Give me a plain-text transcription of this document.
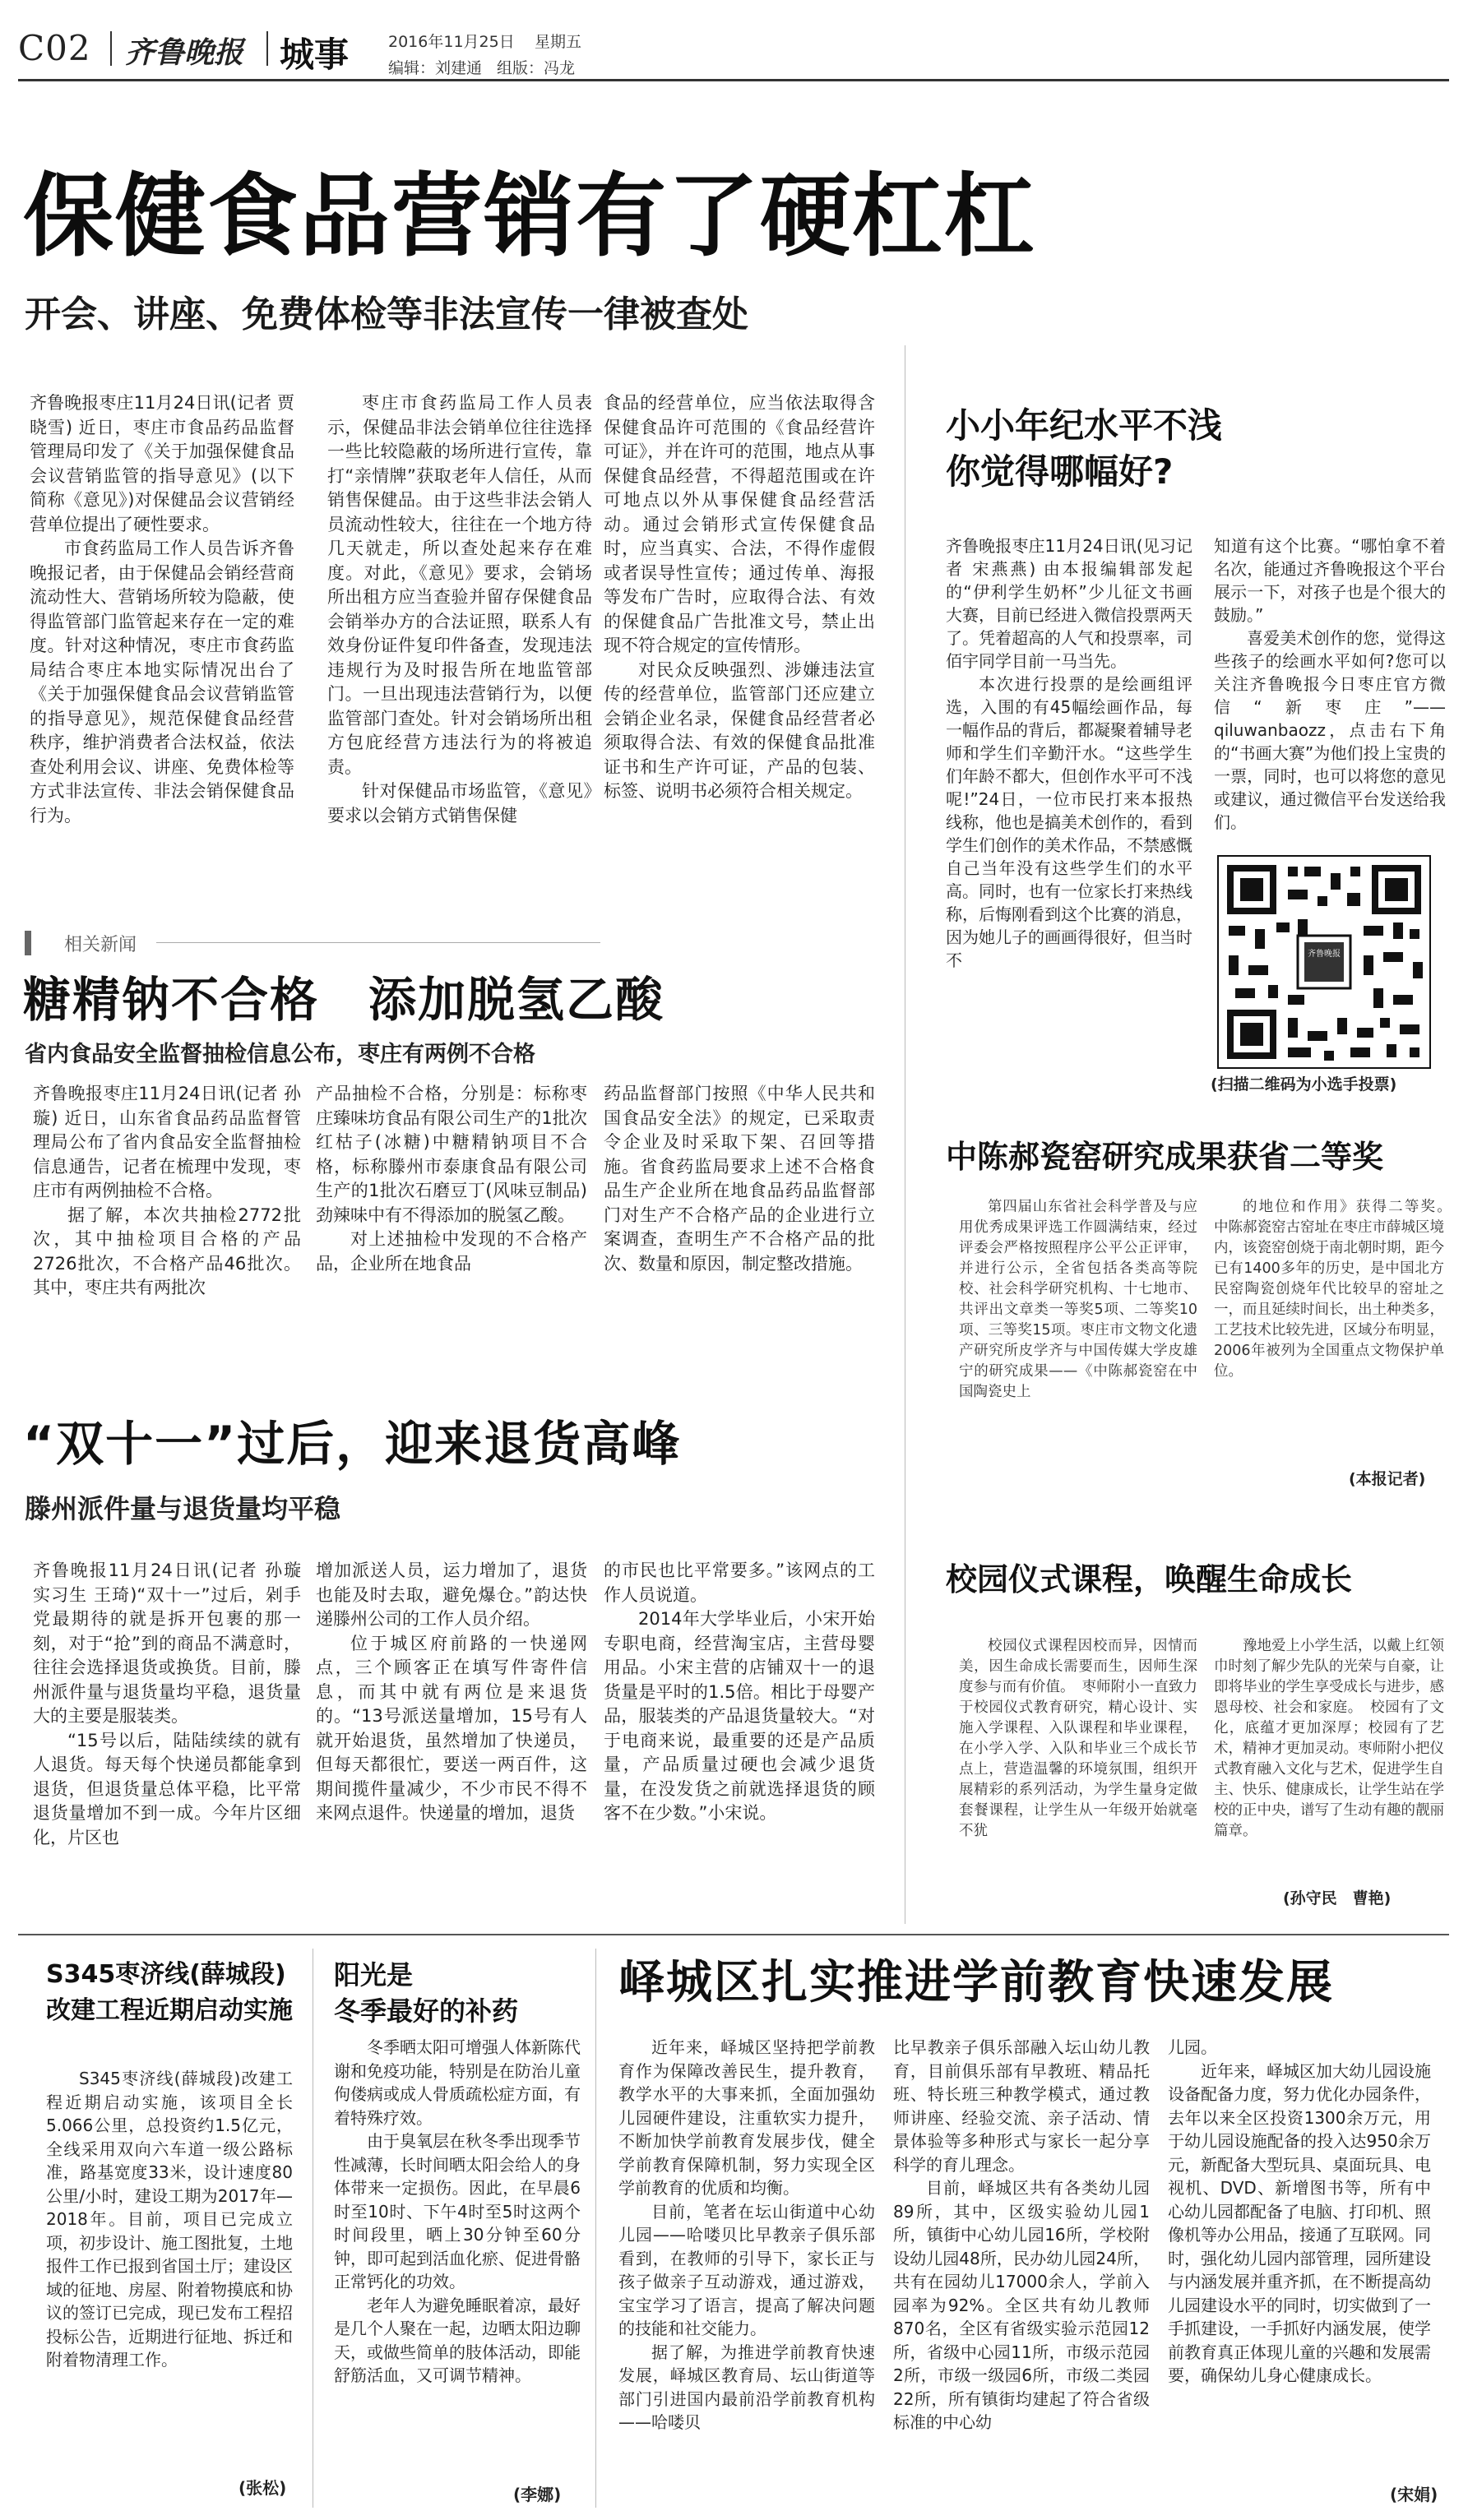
C02 齐鲁晚报 城事	2016年11月25日 星期五
编辑：刘建通 组版：冯龙
保健食品营销有了硬杠杠
开会、讲座、免费体检等非法宣传一律被查处

齐鲁晚报枣庄11月24日讯(记者 贾晓雪) 近日，枣庄市食品药品监督管理局印发了《关于加强保健食品会议营销监管的指导意见》(以下简称《意见》)对保健品会议营销经营单位提出了硬性要求。

市食药监局工作人员告诉齐鲁晚报记者，由于保健品会销经营商流动性大、营销场所较为隐蔽，使得监管部门监管起来存在一定的难度。针对这种情况，枣庄市食药监局结合枣庄本地实际情况出台了《关于加强保健食品会议营销监管的指导意见》，规范保健食品经营秩序，维护消费者合法权益，依法查处利用会议、讲座、免费体检等方式非法宣传、非法会销保健食品行为。

枣庄市食药监局工作人员表示，保健品非法会销单位往往选择一些比较隐蔽的场所进行宣传，靠打“亲情牌”获取老年人信任，从而销售保健品。由于这些非法会销人员流动性较大，往往在一个地方待几天就走，所以查处起来存在难度。对此，《意见》要求，会销场所出租方应当查验并留存保健食品会销举办方的合法证照，联系人有效身份证件复印件备查，发现违法违规行为及时报告所在地监管部门。一旦出现违法营销行为，以便监管部门查处。针对会销场所出租方包庇经营方违法行为的将被追责。

针对保健品市场监管，《意见》要求以会销方式销售保健

食品的经营单位，应当依法取得含保健食品许可范围的《食品经营许可证》，并在许可的范围，地点从事保健食品经营，不得超范围或在许可地点以外从事保健食品经营活动。通过会销形式宣传保健食品时，应当真实、合法，不得作虚假或者误导性宣传；通过传单、海报等发布广告时，应取得合法、有效的保健食品广告批准文号，禁止出现不符合规定的宣传情形。

对民众反映强烈、涉嫌违法宣传的经营单位，监管部门还应建立会销企业名录，保健食品经营者必须取得合法、有效的保健食品批准证书和生产许可证，产品的包装、标签、说明书必须符合相关规定。

相关新闻
糖精钠不合格　添加脱氢乙酸
省内食品安全监督抽检信息公布，枣庄有两例不合格

齐鲁晚报枣庄11月24日讯(记者 孙璇) 近日，山东省食品药品监督管理局公布了省内食品安全监督抽检信息通告，记者在梳理中发现，枣庄市有两例抽检不合格。

据了解，本次共抽检2772批次，其中抽检项目合格的产品2726批次，不合格产品46批次。其中，枣庄共有两批次

产品抽检不合格，分别是：标称枣庄臻味坊食品有限公司生产的1批次红枯子(冰糖)中糖精钠项目不合格，标称滕州市泰康食品有限公司生产的1批次石磨豆丁(风味豆制品)劲辣味中有不得添加的脱氢乙酸。

对上述抽检中发现的不合格产品，企业所在地食品

药品监督部门按照《中华人民共和国食品安全法》的规定，已采取责令企业及时采取下架、召回等措施。省食药监局要求上述不合格食品生产企业所在地食品药品监督部门对生产不合格产品的企业进行立案调查，查明生产不合格产品的批次、数量和原因，制定整改措施。

“双十一”过后，迎来退货高峰
滕州派件量与退货量均平稳

齐鲁晚报11月24日讯(记者 孙璇 实习生 王琦)“双十一”过后，剁手党最期待的就是拆开包裹的那一刻，对于“抢”到的商品不满意时，往往会选择退货或换货。目前，滕州派件量与退货量均平稳，退货量大的主要是服装类。

“15号以后，陆陆续续的就有人退货。每天每个快递员都能拿到退货，但退货量总体平稳，比平常退货量增加不到一成。今年片区细化，片区也

增加派送人员，运力增加了，退货也能及时去取，避免爆仓。”韵达快递滕州公司的工作人员介绍。

位于城区府前路的一快递网点，三个顾客正在填写件寄件信息，而其中就有两位是来退货的。“13号派送量增加，15号有人就开始退货，虽然增加了快递员，但每天都很忙，要送一两百件，这期间揽件量减少，不少市民不得不来网点退件。快递量的增加，退货

的市民也比平常要多。”该网点的工作人员说道。

2014年大学毕业后，小宋开始专职电商，经营淘宝店，主营母婴用品。小宋主营的店铺双十一的退货量是平时的1.5倍。相比于母婴产品，服装类的产品退货量较大。“对于电商来说，最重要的还是产品质量，产品质量过硬也会减少退货量，在没发货之前就选择退货的顾客不在少数。”小宋说。

小小年纪水平不浅
你觉得哪幅好?

齐鲁晚报枣庄11月24日讯(见习记者 宋燕燕) 由本报编辑部发起的“伊利学生奶杯”少儿征文书画大赛，目前已经进入微信投票两天了。凭着超高的人气和投票率，司佰宇同学目前一马当先。

本次进行投票的是绘画组评选，入围的有45幅绘画作品，每一幅作品的背后，都凝聚着辅导老师和学生们辛勤汗水。“这些学生们年龄不都大，但创作水平可不浅呢!”24日，一位市民打来本报热线称，他也是搞美术创作的，看到学生们创作的美术作品，不禁感慨自己当年没有这些学生们的水平高。同时，也有一位家长打来热线称，后悔刚看到这个比赛的消息，因为她儿子的画画得很好，但当时不

知道有这个比赛。“哪怕拿不着名次，能通过齐鲁晚报这个平台展示一下，对孩子也是个很大的鼓励。”

喜爱美术创作的您，觉得这些孩子的绘画水平如何?您可以关注齐鲁晚报今日枣庄官方微信“新枣庄”——qiluwanbaozz，点击右下角的“书画大赛”为他们投上宝贵的一票，同时，也可以将您的意见或建议，通过微信平台发送给我们。

齐鲁晚报
(扫描二维码为小选手投票)
中陈郝瓷窑研究成果获省二等奖

第四届山东省社会科学普及与应用优秀成果评选工作圆满结束，经过评委会严格按照程序公平公正评审，并进行公示，全省包括各类高等院校、社会科学研究机构、十七地市、共评出文章类一等奖5项、二等奖10项、三等奖15项。枣庄市文物文化遗产研究所皮学齐与中国传媒大学皮雄宁的研究成果——《中陈郝瓷窑在中国陶瓷史上

的地位和作用》获得二等奖。　中陈郝瓷窑古窑址在枣庄市薛城区境内，该瓷窑创烧于南北朝时期，距今已有1400多年的历史，是中国北方民窑陶瓷创烧年代比较早的窑址之一，而且延续时间长，出土种类多，工艺技术比较先进，区域分布明显，2006年被列为全国重点文物保护单位。

(本报记者)
校园仪式课程，唤醒生命成长

校园仪式课程因校而异，因情而美，因生命成长需要而生，因师生深度参与而有价值。　枣师附小一直致力于校园仪式教育研究，精心设计、实施入学课程、入队课程和毕业课程，在小学入学、入队和毕业三个成长节点上，营造温馨的环境氛围，组织开展精彩的系列活动，为学生量身定做套餐课程，让学生从一年级开始就毫不犹

豫地爱上小学生活，以戴上红领巾时刻了解少先队的光荣与自豪，让即将毕业的学生享受成长与进步，感恩母校、社会和家庭。　校园有了文化，底蕴才更加深厚；校园有了艺术，精神才更加灵动。枣师附小把仪式教育融入文化与艺术，促进学生自主、快乐、健康成长，让学生站在学校的正中央，谱写了生动有趣的靓丽篇章。

(孙守民　曹艳)
S345枣济线(薛城段)
改建工程近期启动实施

S345枣济线(薛城段)改建工程近期启动实施，该项目全长5.066公里，总投资约1.5亿元，全线采用双向六车道一级公路标准，路基宽度33米，设计速度80公里/小时，建设工期为2017年—2018年。目前，项目已完成立项，初步设计、施工图批复，土地报件工作已报到省国土厅；建设区域的征地、房屋、附着物摸底和协议的签订已完成，现已发布工程招投标公告，近期进行征地、拆迁和附着物清理工作。

(张松)
阳光是
冬季最好的补药

冬季晒太阳可增强人体新陈代谢和免疫功能，特别是在防治儿童佝偻病或成人骨质疏松症方面，有着特殊疗效。

由于臭氧层在秋冬季出现季节性减薄，长时间晒太阳会给人的身体带来一定损伤。因此，在早晨6时至10时、下午4时至5时这两个时间段里，晒上30分钟至60分钟，即可起到活血化瘀、促进骨骼正常钙化的功效。

老年人为避免睡眠着凉，最好是几个人聚在一起，边晒太阳边聊天，或做些简单的肢体活动，即能舒筋活血，又可调节精神。

(李娜)
峄城区扎实推进学前教育快速发展

近年来，峄城区坚持把学前教育作为保障改善民生，提升教育，教学水平的大事来抓，全面加强幼儿园硬件建设，注重软实力提升，不断加快学前教育发展步伐，健全学前教育保障机制，努力实现全区学前教育的优质和均衡。

目前，笔者在坛山街道中心幼儿园——哈喽贝比早教亲子俱乐部看到，在教师的引导下，家长正与孩子做亲子互动游戏，通过游戏，宝宝学习了语言，提高了解决问题的技能和社交能力。

据了解，为推进学前教育快速发展，峄城区教育局、坛山街道等部门引进国内最前沿学前教育机构——哈喽贝

比早教亲子俱乐部融入坛山幼儿教育，目前俱乐部有早教班、精品托班、特长班三种教学模式，通过教师讲座、经验交流、亲子活动、情景体验等多种形式与家长一起分享科学的育儿理念。

目前，峄城区共有各类幼儿园89所，其中，区级实验幼儿园1所，镇街中心幼儿园16所，学校附设幼儿园48所，民办幼儿园24所，共有在园幼儿17000余人，学前入园率为92%。全区共有幼儿教师870名，全区有省级实验示范园12所，省级中心园11所，市级示范园2所，市级一级园6所，市级二类园22所，所有镇街均建起了符合省级标准的中心幼

儿园。

近年来，峄城区加大幼儿园设施设备配备力度，努力优化办园条件，去年以来全区投资1300余万元，用于幼儿园设施配备的投入达950余万元，新配备大型玩具、桌面玩具、电视机、DVD、新增图书等，所有中心幼儿园都配备了电脑、打印机、照像机等办公用品，接通了互联网。同时，强化幼儿园内部管理，园所建设与内涵发展并重齐抓，在不断提高幼儿园建设水平的同时，切实做到了一手抓建设，一手抓好内涵发展，使学前教育真正体现儿童的兴趣和发展需要，确保幼儿身心健康成长。

(宋娟)
